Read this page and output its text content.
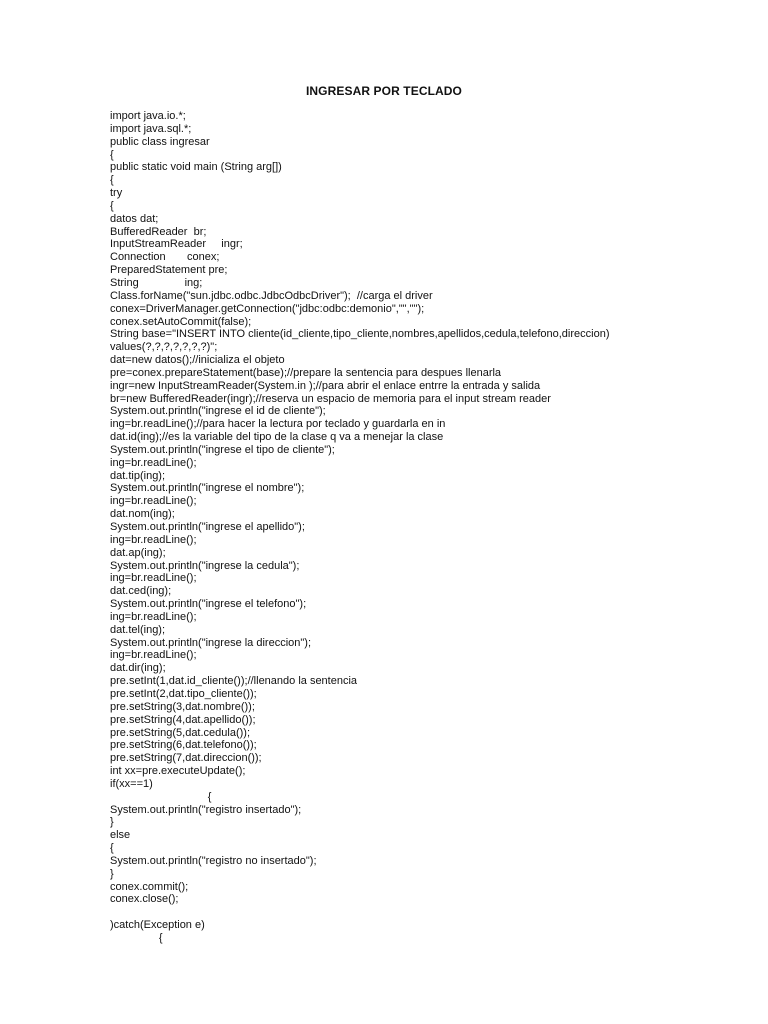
INGRESAR POR TECLADO
import java.io.*;
import java.sql.*;
public class ingresar
{
public static void main (String arg[])
{
try
{
datos dat;
BufferedReader  br;
InputStreamReader     ingr;
Connection       conex;
PreparedStatement pre;
String               ing;
Class.forName("sun.jdbc.odbc.JdbcOdbcDriver");  //carga el driver
conex=DriverManager.getConnection("jdbc:odbc:demonio","","");
conex.setAutoCommit(false);
String base="INSERT INTO cliente(id_cliente,tipo_cliente,nombres,apellidos,cedula,telefono,direccion)
values(?,?,?,?,?,?,?)";
dat=new datos();//inicializa el objeto
pre=conex.prepareStatement(base);//prepare la sentencia para despues llenarla
ingr=new InputStreamReader(System.in );//para abrir el enlace entrre la entrada y salida
br=new BufferedReader(ingr);//reserva un espacio de memoria para el input stream reader
System.out.println("ingrese el id de cliente");
ing=br.readLine();//para hacer la lectura por teclado y guardarla en in
dat.id(ing);//es la variable del tipo de la clase q va a menejar la clase
System.out.println("ingrese el tipo de cliente");
ing=br.readLine();
dat.tip(ing);
System.out.println("ingrese el nombre");
ing=br.readLine();
dat.nom(ing);
System.out.println("ingrese el apellido");
ing=br.readLine();
dat.ap(ing);
System.out.println("ingrese la cedula");
ing=br.readLine();
dat.ced(ing);
System.out.println("ingrese el telefono");
ing=br.readLine();
dat.tel(ing);
System.out.println("ingrese la direccion");
ing=br.readLine();
dat.dir(ing);
pre.setInt(1,dat.id_cliente());//llenando la sentencia
pre.setInt(2,dat.tipo_cliente());
pre.setString(3,dat.nombre());
pre.setString(4,dat.apellido());
pre.setString(5,dat.cedula());
pre.setString(6,dat.telefono());
pre.setString(7,dat.direccion());
int xx=pre.executeUpdate();
if(xx==1)
{
System.out.println("registro insertado");
}
else
{
System.out.println("registro no insertado");
}
conex.commit();
conex.close();
)catch(Exception e)
{
